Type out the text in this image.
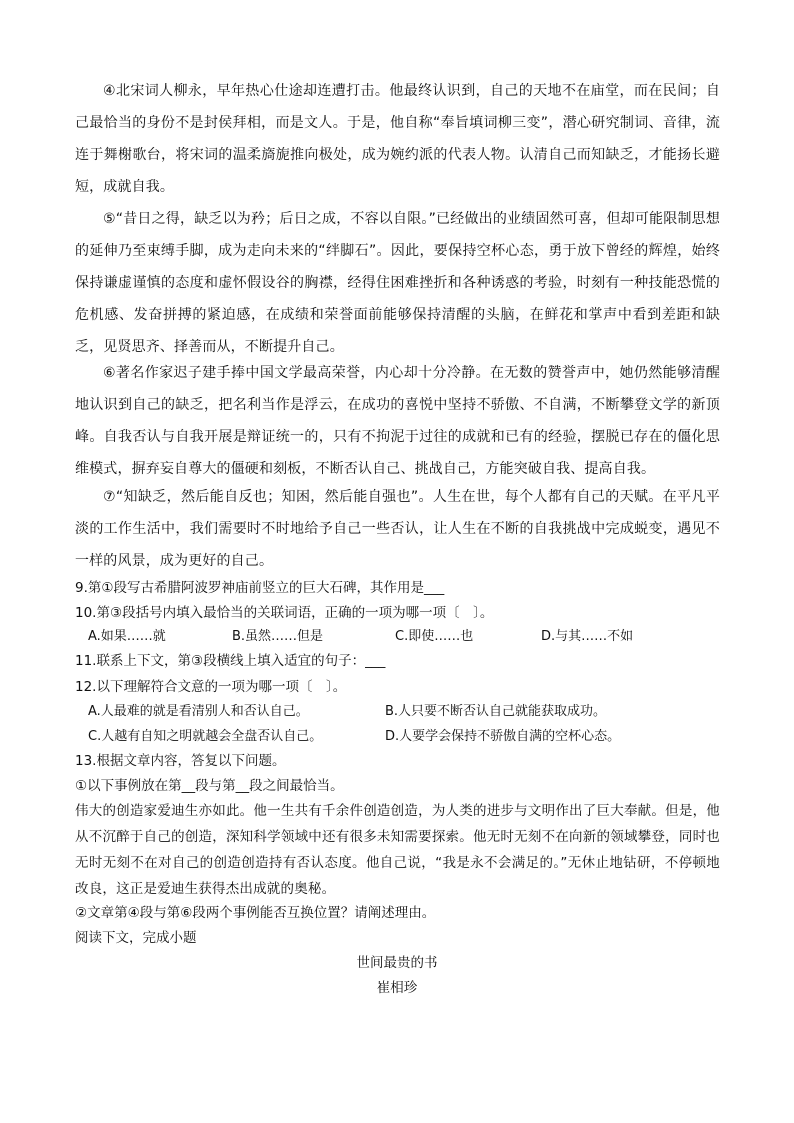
④北宋词人柳永，早年热心仕途却连遭打击。他最终认识到，自己的天地不在庙堂，而在民间；自己最恰当的身份不是封侯拜相，而是文人。于是，他自称“奉旨填词柳三变”，潜心研究制词、音律，流连于舞榭歌台，将宋词的温柔旖旎推向极处，成为婉约派的代表人物。认清自己而知缺乏，才能扬长避短，成就自我。

⑤“昔日之得，缺乏以为矜；后日之成，不容以自限。”已经做出的业绩固然可喜，但却可能限制思想的延伸乃至束缚手脚，成为走向未来的“绊脚石”。因此，要保持空杯心态，勇于放下曾经的辉煌，始终保持谦虚谨慎的态度和虚怀假设谷的胸襟，经得住困难挫折和各种诱惑的考验，时刻有一种技能恐慌的危机感、发奋拼搏的紧迫感，在成绩和荣誉面前能够保持清醒的头脑，在鲜花和掌声中看到差距和缺乏，见贤思齐、择善而从，不断提升自己。

⑥著名作家迟子建手捧中国文学最高荣誉，内心却十分冷静。在无数的赞誉声中，她仍然能够清醒地认识到自己的缺乏，把名利当作是浮云，在成功的喜悦中坚持不骄傲、不自满，不断攀登文学的新顶峰。自我否认与自我开展是辩证统一的，只有不拘泥于过往的成就和已有的经验，摆脱已存在的僵化思维模式，摒弃妄自尊大的僵硬和刻板，不断否认自己、挑战自己，方能突破自我、提高自我。

⑦“知缺乏，然后能自反也；知困，然后能自强也”。人生在世，每个人都有自己的天赋。在平凡平淡的工作生活中，我们需要时不时地给予自己一些否认，让人生在不断的自我挑战中完成蜕变，遇见不一样的风景，成为更好的自己。

9.第①段写古希腊阿波罗神庙前竖立的巨大石碑，其作用是___

10.第③段括号内填入最恰当的关联词语，正确的一项为哪一项〔　〕。

A.如果……就	B.虽然……但是	C.即使……也	D.与其……不如

11.联系上下文，第③段横线上填入适宜的句子：___

12.以下理解符合文意的一项为哪一项〔　〕。

A.人最难的就是看清别人和否认自己。	B.人只要不断否认自己就能获取成功。
C.人越有自知之明就越会全盘否认自己。	D.人要学会保持不骄傲自满的空杯心态。

13.根据文章内容，答复以下问题。

①以下事例放在第__段与第__段之间最恰当。

伟大的创造家爱迪生亦如此。他一生共有千余件创造创造，为人类的进步与文明作出了巨大奉献。但是，他从不沉醉于自己的创造，深知科学领域中还有很多未知需要探索。他无时无刻不在向新的领域攀登，同时也无时无刻不在对自己的创造创造持有否认态度。他自己说，“我是永不会满足的。”无休止地钻研，不停顿地改良，这正是爱迪生获得杰出成就的奥秘。

②文章第④段与第⑥段两个事例能否互换位置？请阐述理由。

阅读下文，完成小题

世间最贵的书

崔相珍
